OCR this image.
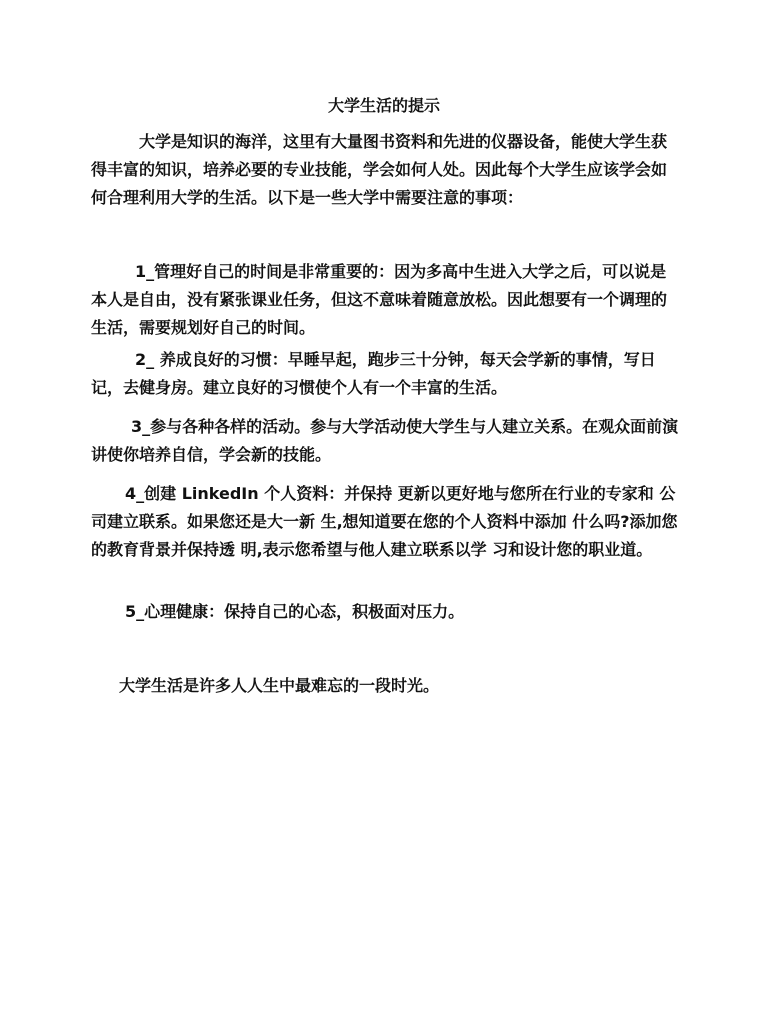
大学生活的提示
大学是知识的海洋，这里有大量图书资料和先进的仪器设备，能使大学生获得丰富的知识，培养必要的专业技能，学会如何人处。因此每个大学生应该学会如何合理利用大学的生活。以下是一些大学中需要注意的事项：
1_管理好自己的时间是非常重要的：因为多高中生进入大学之后，可以说是本人是自由，没有紧张课业任务，但这不意味着随意放松。因此想要有一个调理的生活，需要规划好自己的时间。
2_ 养成良好的习惯：早睡早起，跑步三十分钟，每天会学新的事情，写日记，去健身房。建立良好的习惯使个人有一个丰富的生活。
3_参与各种各样的活动。参与大学活动使大学生与人建立关系。在观众面前演讲使你培养自信，学会新的技能。
4_创建 LinkedIn 个人资料：并保持 更新以更好地与您所在行业的专家和 公司建立联系。如果您还是大一新 生,想知道要在您的个人资料中添加 什么吗?添加您的教育背景并保持透 明,表示您希望与他人建立联系以学 习和设计您的职业道。
5_心理健康：保持自己的心态，积极面对压力。
大学生活是许多人人生中最难忘的一段时光。
